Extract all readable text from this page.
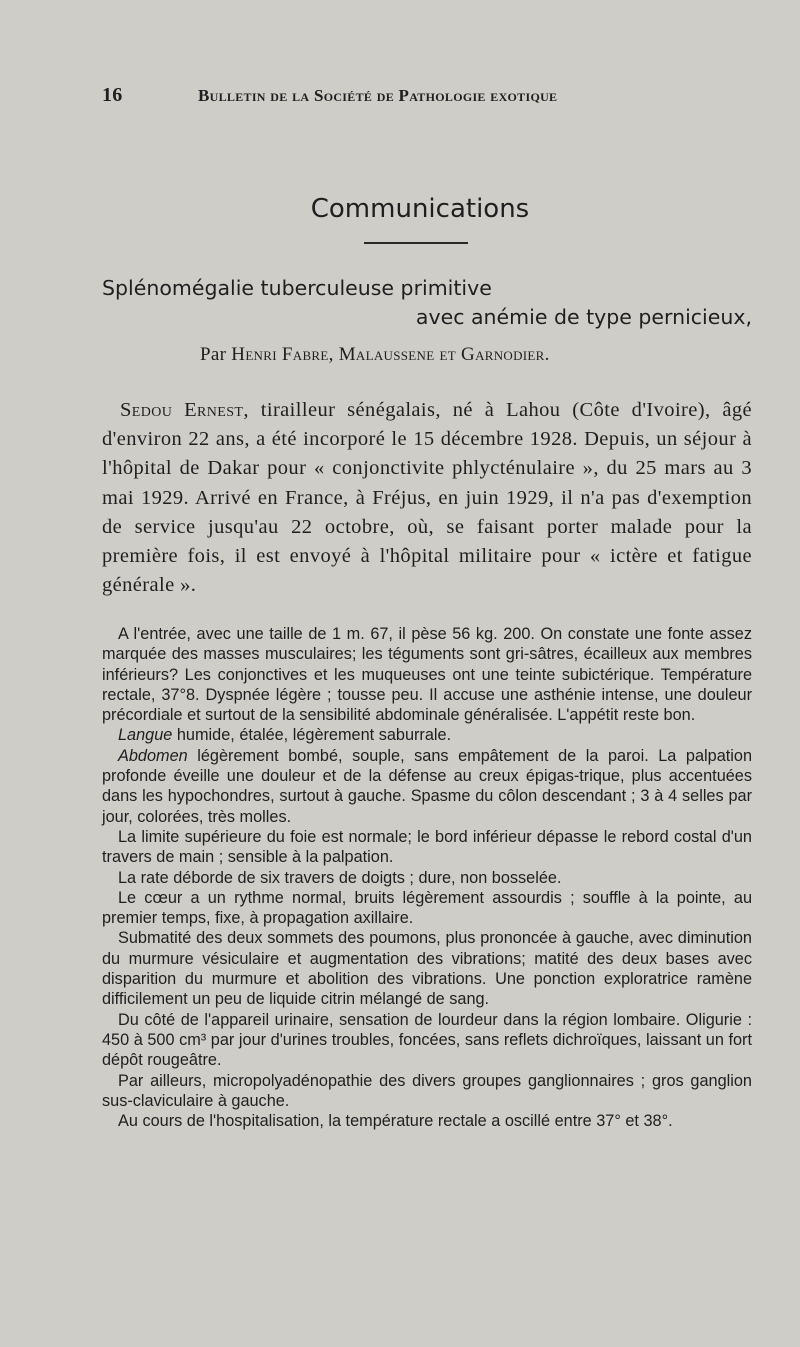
16	Bulletin de la Société de Pathologie exotique
Communications
Splénomégalie tuberculeuse primitive
avec anémie de type pernicieux,
Par Henri Fabre, Malaussene et Garnodier.

Sedou Ernest, tirailleur sénégalais, né à Lahou (Côte d'Ivoire), âgé d'environ 22 ans, a été incorporé le 15 décembre 1928. Depuis, un séjour à l'hôpital de Dakar pour « conjonctivite phlycténulaire », du 25 mars au 3 mai 1929. Arrivé en France, à Fréjus, en juin 1929, il n'a pas d'exemption de service jusqu'au 22 octobre, où, se faisant porter malade pour la première fois, il est envoyé à l'hôpital militaire pour « ictère et fatigue générale ».

A l'entrée, avec une taille de 1 m. 67, il pèse 56 kg. 200. On constate une fonte assez marquée des masses musculaires; les téguments sont gri-sâtres, écailleux aux membres inférieurs? Les conjonctives et les muqueuses ont une teinte subictérique. Température rectale, 37°8. Dyspnée légère ; tousse peu. Il accuse une asthénie intense, une douleur précordiale et surtout de la sensibilité abdominale généralisée. L'appétit reste bon.

Langue humide, étalée, légèrement saburrale.

Abdomen légèrement bombé, souple, sans empâtement de la paroi. La palpation profonde éveille une douleur et de la défense au creux épigas-trique, plus accentuées dans les hypochondres, surtout à gauche. Spasme du côlon descendant ; 3 à 4 selles par jour, colorées, très molles.

La limite supérieure du foie est normale; le bord inférieur dépasse le rebord costal d'un travers de main ; sensible à la palpation.

La rate déborde de six travers de doigts ; dure, non bosselée.

Le cœur a un rythme normal, bruits légèrement assourdis ; souffle à la pointe, au premier temps, fixe, à propagation axillaire.

Submatité des deux sommets des poumons, plus prononcée à gauche, avec diminution du murmure vésiculaire et augmentation des vibrations; matité des deux bases avec disparition du murmure et abolition des vibrations. Une ponction exploratrice ramène difficilement un peu de liquide citrin mélangé de sang.

Du côté de l'appareil urinaire, sensation de lourdeur dans la région lombaire. Oligurie : 450 à 500 cm³ par jour d'urines troubles, foncées, sans reflets dichroïques, laissant un fort dépôt rougeâtre.

Par ailleurs, micropolyadénopathie des divers groupes ganglionnaires ; gros ganglion sus-claviculaire à gauche.

Au cours de l'hospitalisation, la température rectale a oscillé entre 37° et 38°.
